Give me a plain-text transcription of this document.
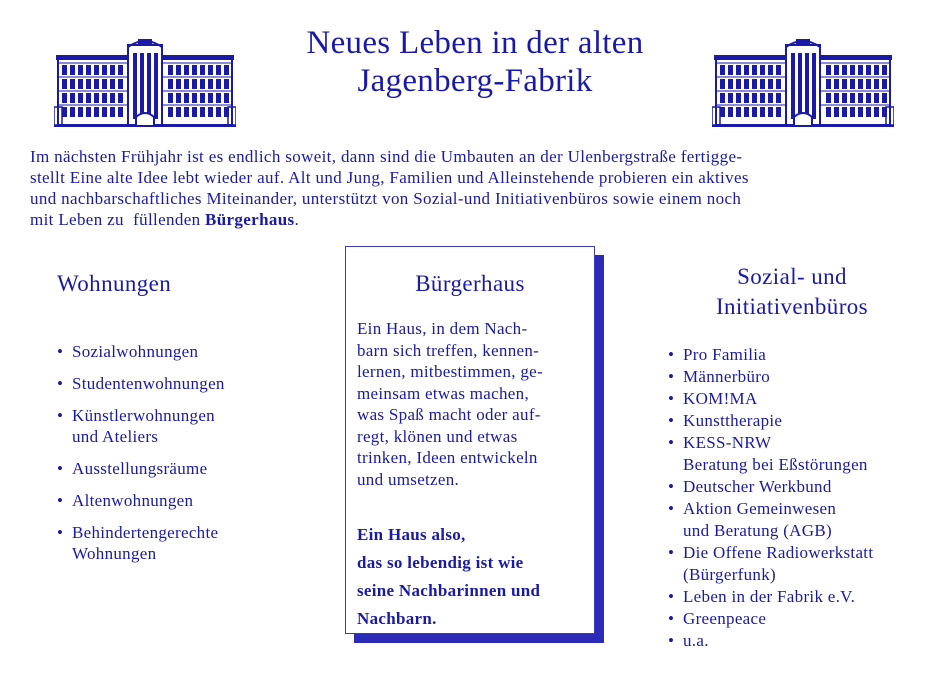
Neues Leben in der alten
Jagenberg-Fabrik
Im nächsten Frühjahr ist es endlich soweit, dann sind die Umbauten an der Ulenbergstraße fertigge-
stellt Eine alte Idee lebt wieder auf. Alt und Jung, Familien und Alleinstehende probieren ein aktives
und nachbarschaftliches Miteinander, unterstützt von Sozial-und Initiativenbüros sowie einem noch
mit Leben zu  füllenden Bürgerhaus.
Wohnungen
• Sozialwohnungen
• Studentenwohnungen
• Künstlerwohnungen
und Ateliers
• Ausstellungsräume
• Altenwohnungen
• Behindertengerechte
Wohnungen
Bürgerhaus
Ein Haus, in dem Nach-
barn sich treffen, kennen-
lernen, mitbestimmen, ge-
meinsam etwas machen,
was Spaß macht oder auf-
regt, klönen und etwas
trinken, Ideen entwickeln
und umsetzen.
Ein Haus also,
das so lebendig ist wie
seine Nachbarinnen und
Nachbarn.
Sozial- und
Initiativenbüros
• Pro Familia
• Männerbüro
• KOM!MA
• Kunsttherapie
• KESS-NRW
Beratung bei Eßstörungen
• Deutscher Werkbund
• Aktion Gemeinwesen
und Beratung (AGB)
• Die Offene Radiowerkstatt
(Bürgerfunk)
• Leben in der Fabrik e.V.
• Greenpeace
• u.a.
